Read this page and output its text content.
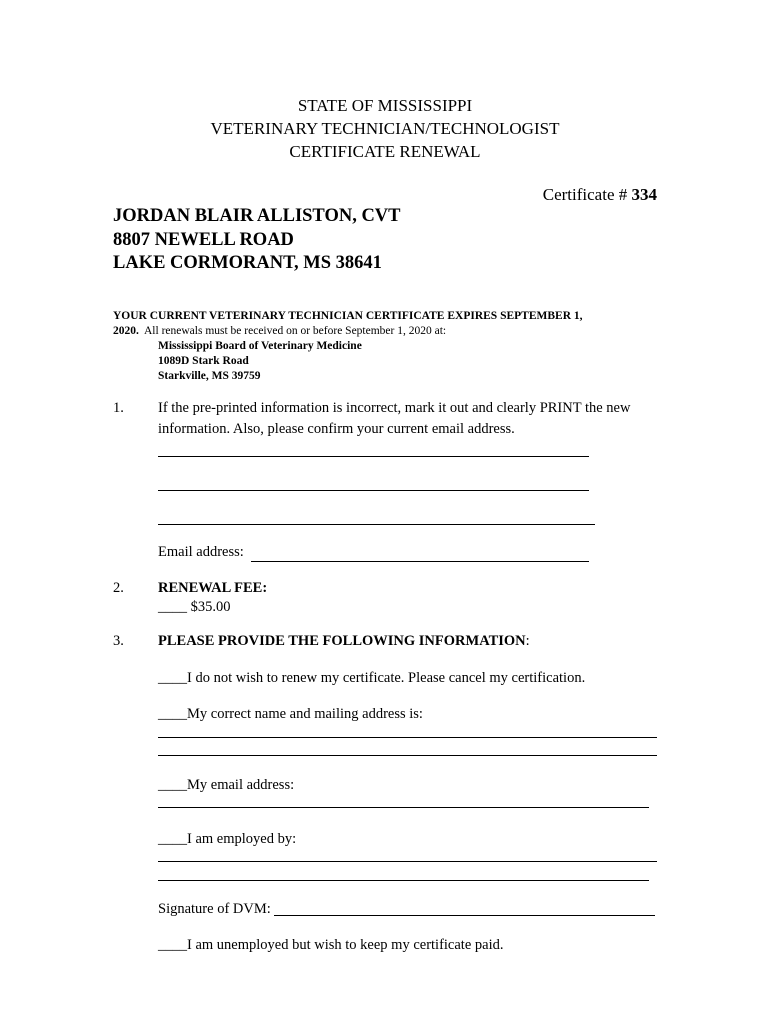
STATE OF MISSISSIPPI
VETERINARY TECHNICIAN/TECHNOLOGIST
CERTIFICATE RENEWAL
Certificate # 334
JORDAN BLAIR ALLISTON, CVT
8807 NEWELL ROAD
LAKE CORMORANT, MS 38641
YOUR CURRENT VETERINARY TECHNICIAN CERTIFICATE EXPIRES SEPTEMBER 1,
2020. All renewals must be received on or before September 1, 2020 at:
Mississippi Board of Veterinary Medicine
1089D Stark Road
Starkville, MS 39759
1. If the pre-printed information is incorrect, mark it out and clearly PRINT the new
information. Also, please confirm your current email address.
Email address:
2. RENEWAL FEE:
____ $35.00
3. PLEASE PROVIDE THE FOLLOWING INFORMATION:
____I do not wish to renew my certificate. Please cancel my certification.
____My correct name and mailing address is:
____My email address:
____I am employed by:
Signature of DVM:
____I am unemployed but wish to keep my certificate paid.
